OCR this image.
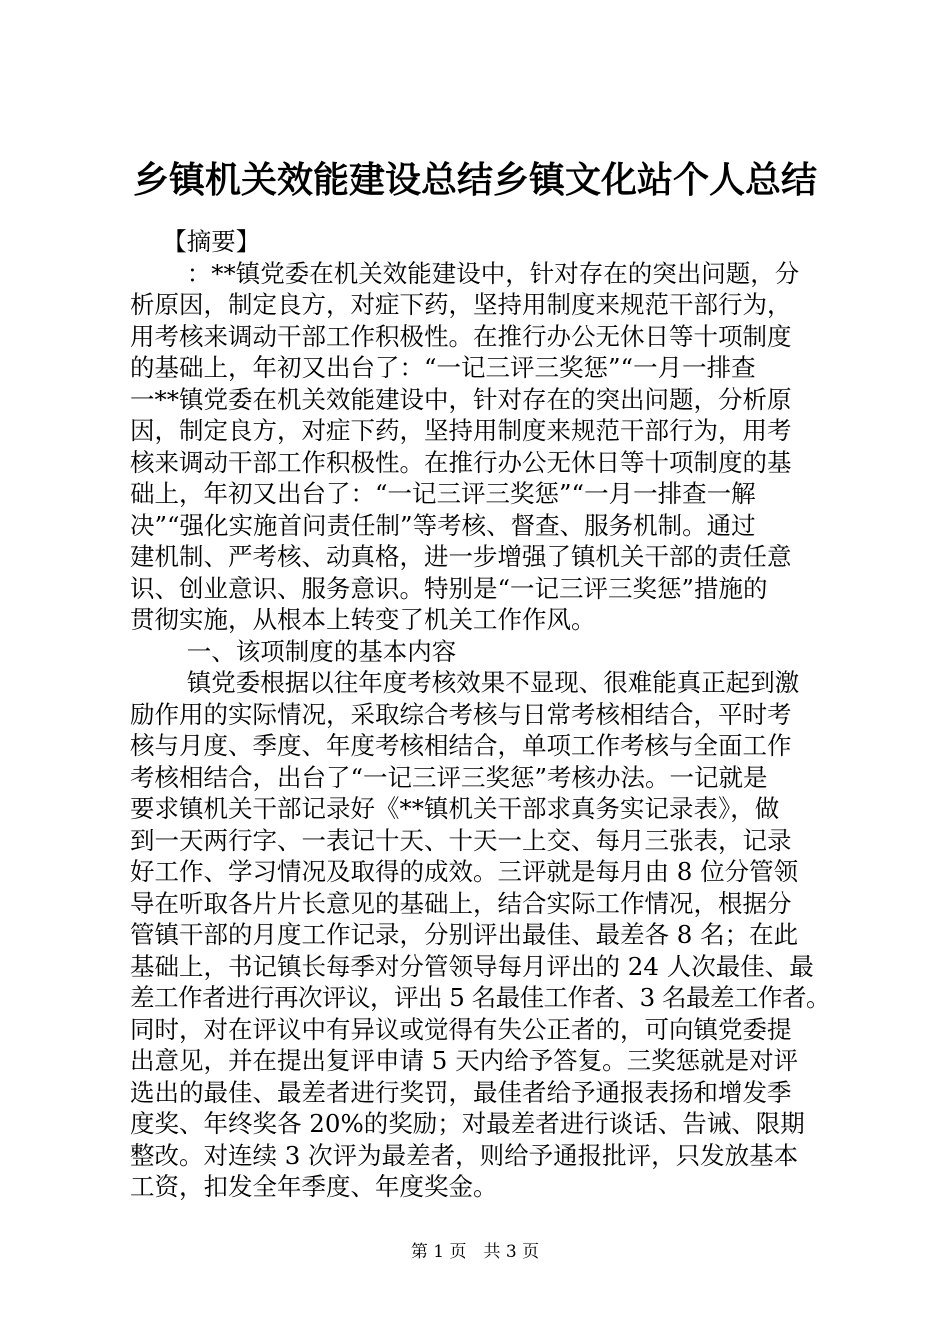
乡镇机关效能建设总结乡镇文化站个人总结
　 【摘要】
　 　：**镇党委在机关效能建设中，针对存在的突出问题，分
析原因，制定良方，对症下药，坚持用制度来规范干部行为，
用考核来调动干部工作积极性。在推行办公无休日等十项制度
的基础上，年初又出台了：“一记三评三奖惩”“一月一排查
一**镇党委在机关效能建设中，针对存在的突出问题，分析原
因，制定良方，对症下药，坚持用制度来规范干部行为，用考
核来调动干部工作积极性。在推行办公无休日等十项制度的基
础上，年初又出台了：“一记三评三奖惩”“一月一排查一解
决”“强化实施首问责任制”等考核、督查、服务机制。通过
建机制、严考核、动真格，进一步增强了镇机关干部的责任意
识、创业意识、服务意识。特别是“一记三评三奖惩”措施的
贯彻实施，从根本上转变了机关工作作风。
　 　一、该项制度的基本内容
　 　镇党委根据以往年度考核效果不显现、很难能真正起到激
励作用的实际情况，采取综合考核与日常考核相结合，平时考
核与月度、季度、年度考核相结合，单项工作考核与全面工作
考核相结合，出台了“一记三评三奖惩”考核办法。一记就是
要求镇机关干部记录好《**镇机关干部求真务实记录表》，做
到一天两行字、一表记十天、十天一上交、每月三张表，记录
好工作、学习情况及取得的成效。三评就是每月由 8 位分管领
导在听取各片片长意见的基础上，结合实际工作情况，根据分
管镇干部的月度工作记录，分别评出最佳、最差各 8 名；在此
基础上，书记镇长每季对分管领导每月评出的 24 人次最佳、最
差工作者进行再次评议，评出 5 名最佳工作者、3 名最差工作者。
同时，对在评议中有异议或觉得有失公正者的，可向镇党委提
出意见，并在提出复评申请 5 天内给予答复。三奖惩就是对评
选出的最佳、最差者进行奖罚，最佳者给予通报表扬和增发季
度奖、年终奖各 20%的奖励；对最差者进行谈话、告诫、限期
整改。对连续 3 次评为最差者，则给予通报批评，只发放基本
工资，扣发全年季度、年度奖金。
第 1 页　共 3 页
